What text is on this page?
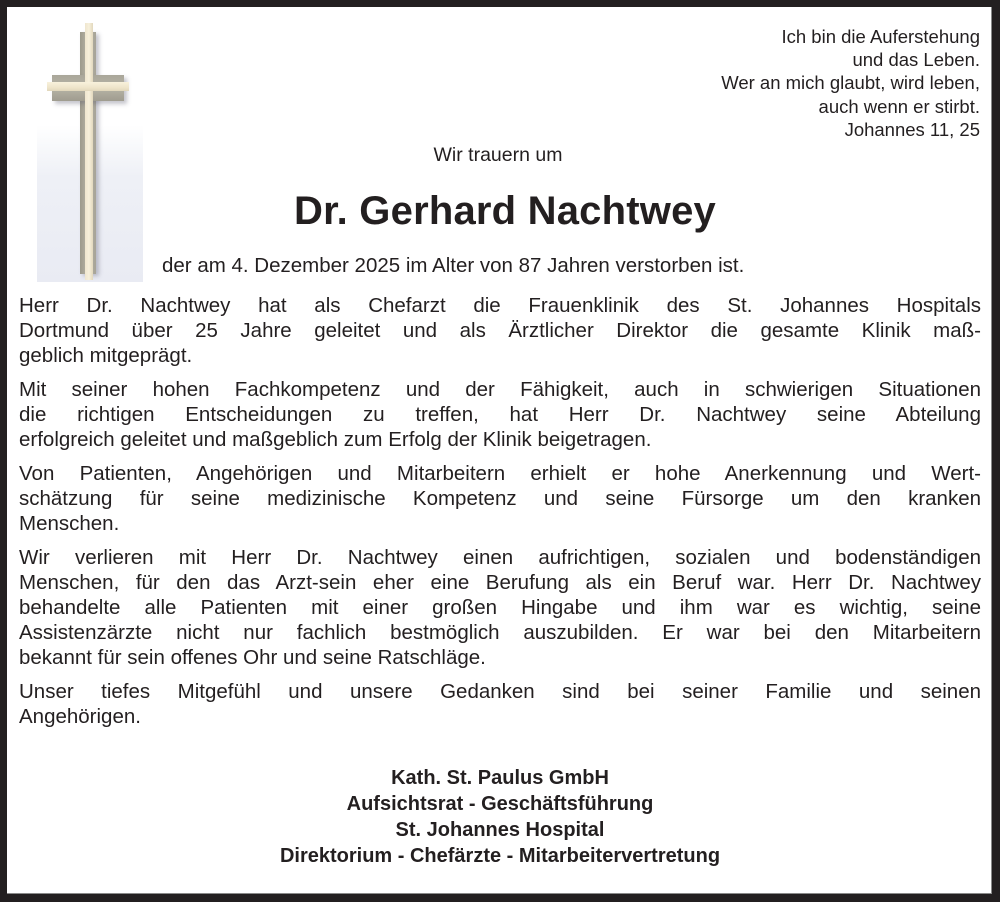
Ich bin die Auferstehung
und das Leben.
Wer an mich glaubt, wird leben,
auch wenn er stirbt.
Johannes 11, 25
Wir trauern um
Dr. Gerhard Nachtwey
der am 4. Dezember 2025 im Alter von 87 Jahren verstorben ist.
Herr Dr. Nachtwey hat als Chefarzt die Frauenklinik des St. Johannes Hospitals
Dortmund über 25 Jahre geleitet und als Ärztlicher Direktor die gesamte Klinik maß-
geblich mitgeprägt.
Mit seiner hohen Fachkompetenz und der Fähigkeit, auch in schwierigen Situationen
die richtigen Entscheidungen zu treffen, hat Herr Dr. Nachtwey seine Abteilung
erfolgreich geleitet und maßgeblich zum Erfolg der Klinik beigetragen.
Von Patienten, Angehörigen und Mitarbeitern erhielt er hohe Anerkennung und Wert-
schätzung für seine medizinische Kompetenz und seine Fürsorge um den kranken
Menschen.
Wir verlieren mit Herr Dr. Nachtwey einen aufrichtigen, sozialen und bodenständigen
Menschen, für den das Arzt-sein eher eine Berufung als ein Beruf war. Herr Dr. Nachtwey
behandelte alle Patienten mit einer großen Hingabe und ihm war es wichtig, seine
Assistenzärzte nicht nur fachlich bestmöglich auszubilden. Er war bei den Mitarbeitern
bekannt für sein offenes Ohr und seine Ratschläge.
Unser tiefes Mitgefühl und unsere Gedanken sind bei seiner Familie und seinen
Angehörigen.
Kath. St. Paulus GmbH
Aufsichtsrat - Geschäftsführung
St. Johannes Hospital
Direktorium - Chefärzte - Mitarbeitervertretung
